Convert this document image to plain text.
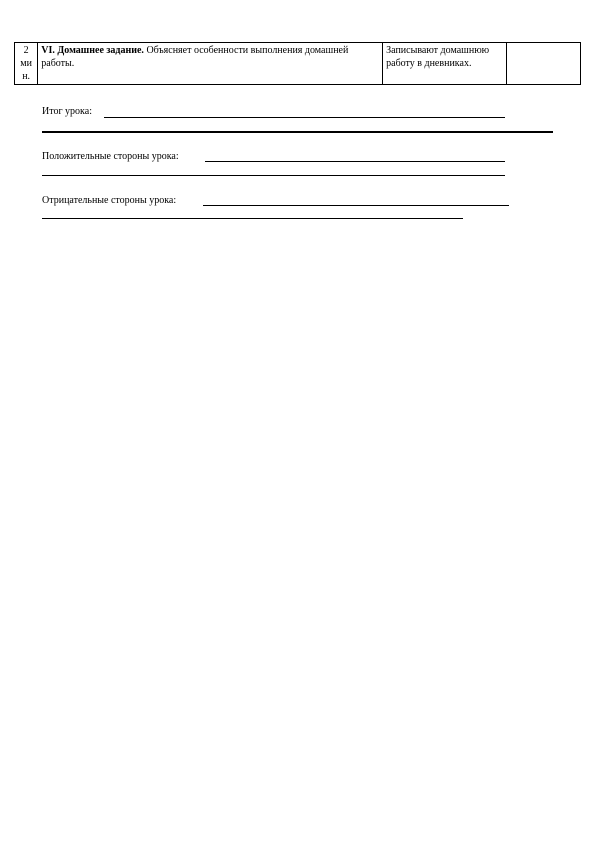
2
ми
н.
	VI. Домашнее задание. Объясняет особенности выполнения домашней работы.	Записывают домашнюю работу в дневниках.	
Итог урока:
Положительные стороны урока:
Отрицательные стороны урока:
